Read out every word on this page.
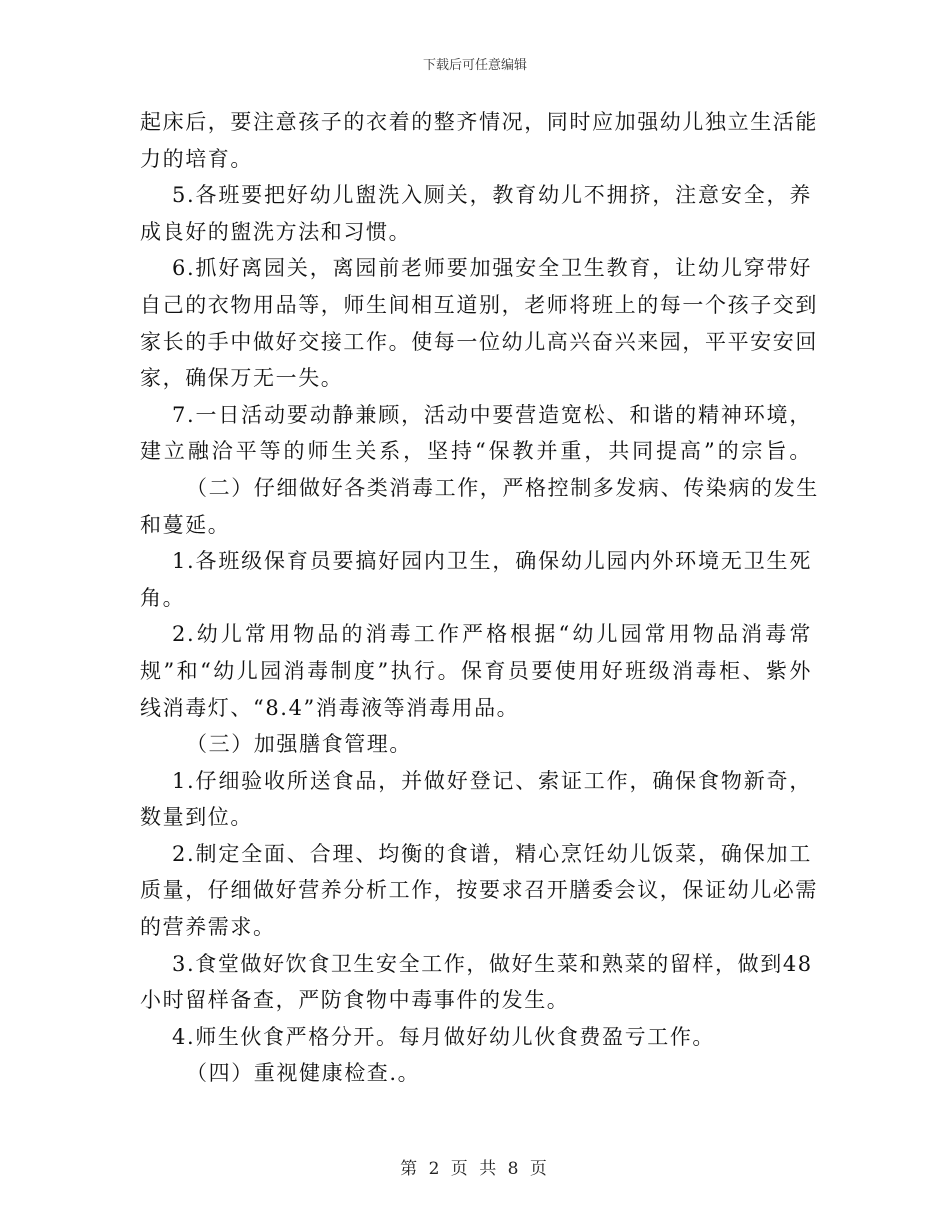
下载后可任意编辑
起床后，要注意孩子的衣着的整齐情况，同时应加强幼儿独立生活能
力的培育。
5.各班要把好幼儿盥洗入厕关，教育幼儿不拥挤，注意安全，养
成良好的盥洗方法和习惯。
6.抓好离园关，离园前老师要加强安全卫生教育，让幼儿穿带好
自己的衣物用品等，师生间相互道别，老师将班上的每一个孩子交到
家长的手中做好交接工作。使每一位幼儿高兴奋兴来园，平平安安回
家，确保万无一失。
7.一日活动要动静兼顾，活动中要营造宽松、和谐的精神环境，
建立融洽平等的师生关系，坚持“保教并重，共同提高”的宗旨。
（二）仔细做好各类消毒工作，严格控制多发病、传染病的发生
和蔓延。
1.各班级保育员要搞好园内卫生，确保幼儿园内外环境无卫生死
角。
2.幼儿常用物品的消毒工作严格根据“幼儿园常用物品消毒常
规”和“幼儿园消毒制度”执行。保育员要使用好班级消毒柜、紫外
线消毒灯、“8.4”消毒液等消毒用品。
（三）加强膳食管理。
1.仔细验收所送食品，并做好登记、索证工作，确保食物新奇，
数量到位。
2.制定全面、合理、均衡的食谱，精心烹饪幼儿饭菜，确保加工
质量，仔细做好营养分析工作，按要求召开膳委会议，保证幼儿必需
的营养需求。
3.食堂做好饮食卫生安全工作，做好生菜和熟菜的留样，做到48
小时留样备查，严防食物中毒事件的发生。
4.师生伙食严格分开。每月做好幼儿伙食费盈亏工作。
（四）重视健康检查.。
第 2 页 共 8 页
